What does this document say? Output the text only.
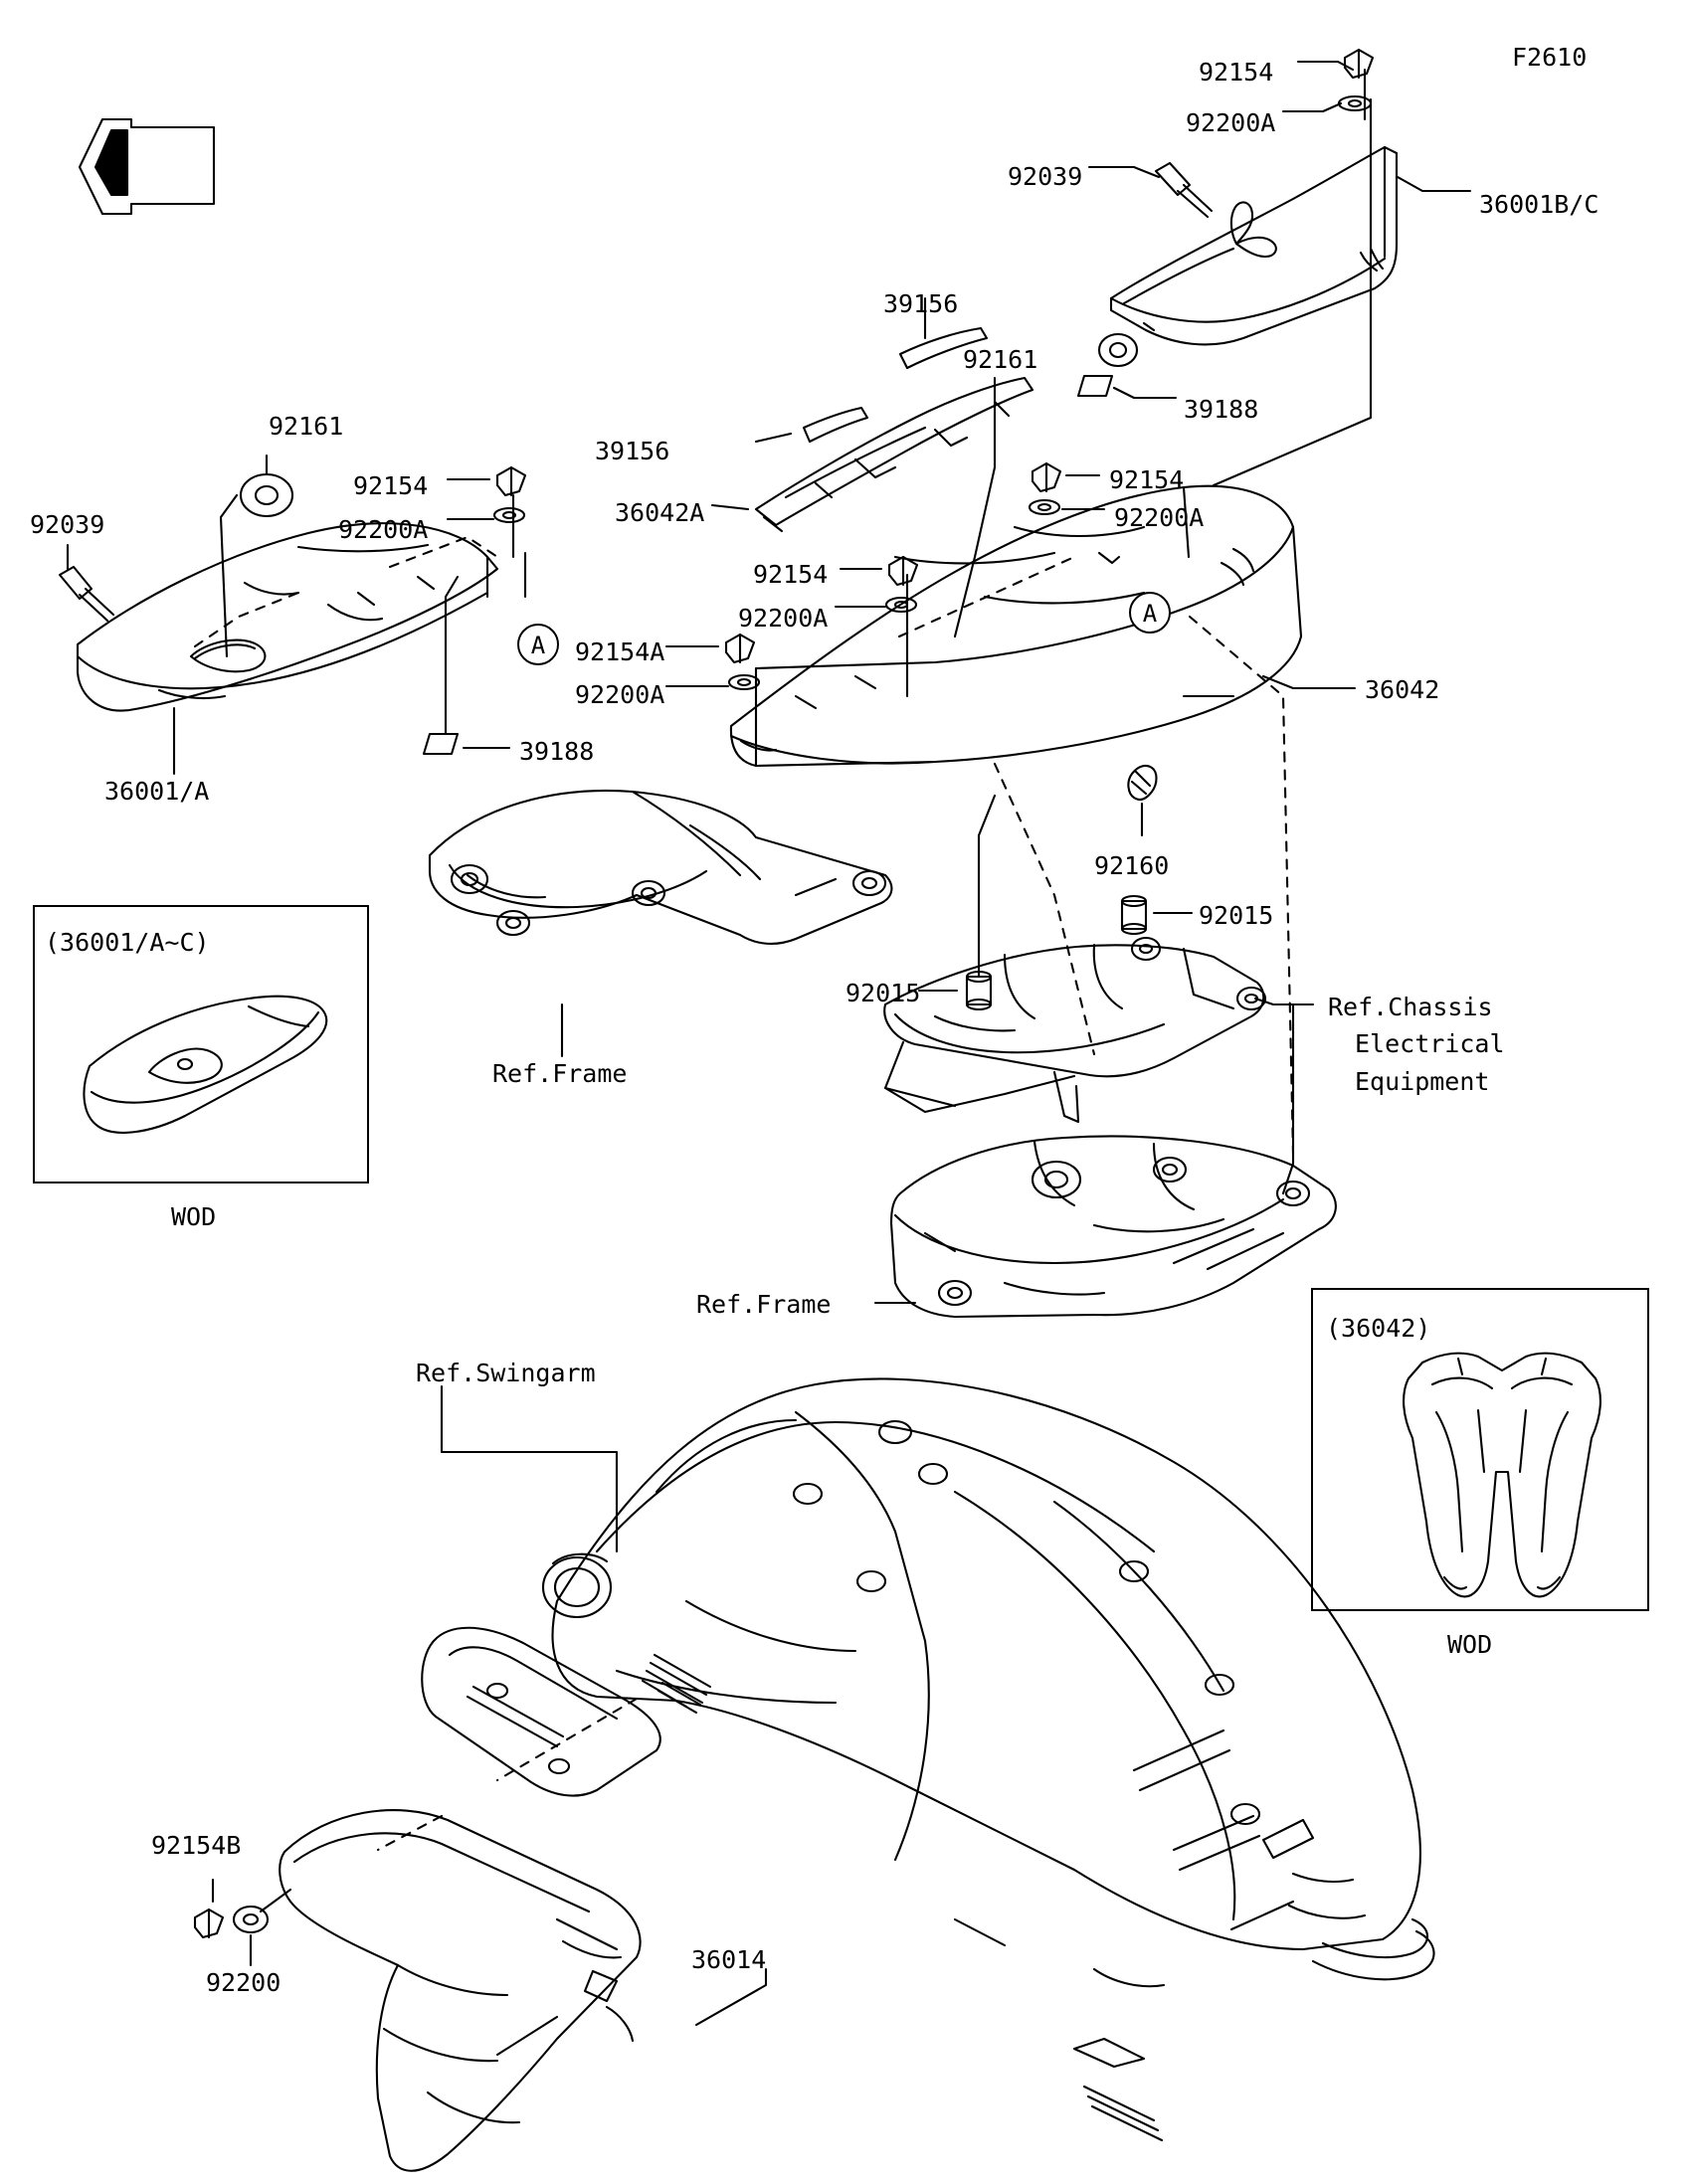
A
A
F2610
92154
92200A
92039
36001B/C
39156
92161
39188
39156
92154
36042A	92200A
92161
92154
92200A
92039
92154
92200A
92154A
92200A	36042
39188
36001/A
92160
92015
92015	Ref.Chassis
Electrical
Equipment
(36001/A~C)
Ref.Frame
WOD
Ref.Frame
(36042)
Ref.Swingarm
WOD
92154B
36014
92200
